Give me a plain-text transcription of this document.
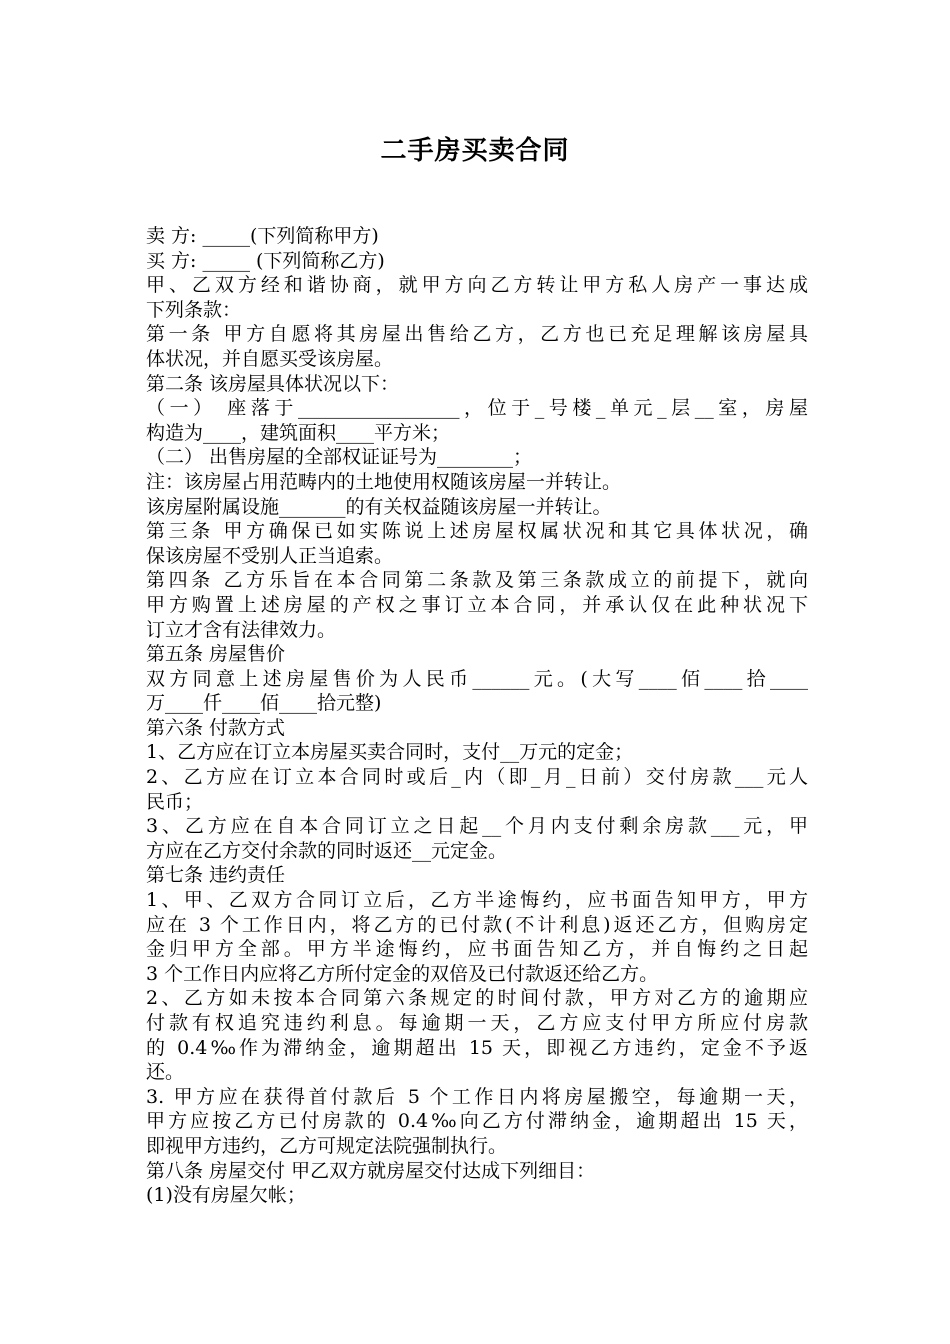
二手房买卖合同
卖 方: _____(下列简称甲方)
买 方: _____ (下列简称乙方)
甲、乙双方经和谐协商，就甲方向乙方转让甲方私人房产一事达成
下列条款：
第一条 甲方自愿将其房屋出售给乙方，乙方也已充足理解该房屋具
体状况，并自愿买受该房屋。
第二条 该房屋具体状况以下：
（一） 座落于_________________，位于_号楼_单元_层__室，房屋
构造为____，建筑面积____平方米；
（二） 出售房屋的全部权证证号为________；
注：该房屋占用范畴内的土地使用权随该房屋一并转让。
该房屋附属设施_______的有关权益随该房屋一并转让。
第三条 甲方确保已如实陈说上述房屋权属状况和其它具体状况，确
保该房屋不受别人正当追索。
第四条 乙方乐旨在本合同第二条款及第三条款成立的前提下，就向
甲方购置上述房屋的产权之事订立本合同，并承认仅在此种状况下
订立才含有法律效力。
第五条 房屋售价
双方同意上述房屋售价为人民币______元。(大写____佰____拾____
万____仟____佰____拾元整)
第六条 付款方式
1、乙方应在订立本房屋买卖合同时，支付__万元的定金；
2、乙方应在订立本合同时或后_内（即_月_日前）交付房款___元人
民币；
3、乙方应在自本合同订立之日起__个月内支付剩余房款___元，甲
方应在乙方交付余款的同时返还__元定金。
第七条 违约责任
1、甲、乙双方合同订立后，乙方半途悔约，应书面告知甲方，甲方
应在 3 个工作日内，将乙方的已付款(不计利息)返还乙方，但购房定
金归甲方全部。甲方半途悔约，应书面告知乙方，并自悔约之日起
3 个工作日内应将乙方所付定金的双倍及已付款返还给乙方。
2、乙方如未按本合同第六条规定的时间付款，甲方对乙方的逾期应
付款有权追究违约利息。每逾期一天，乙方应支付甲方所应付房款
的 0.4‰作为滞纳金，逾期超出 15 天，即视乙方违约，定金不予返
还。
3. 甲方应在获得首付款后 5 个工作日内将房屋搬空，每逾期一天，
甲方应按乙方已付房款的 0.4‰向乙方付滞纳金，逾期超出 15 天，
即视甲方违约，乙方可规定法院强制执行。
第八条 房屋交付 甲乙双方就房屋交付达成下列细目：
(1)没有房屋欠帐；
